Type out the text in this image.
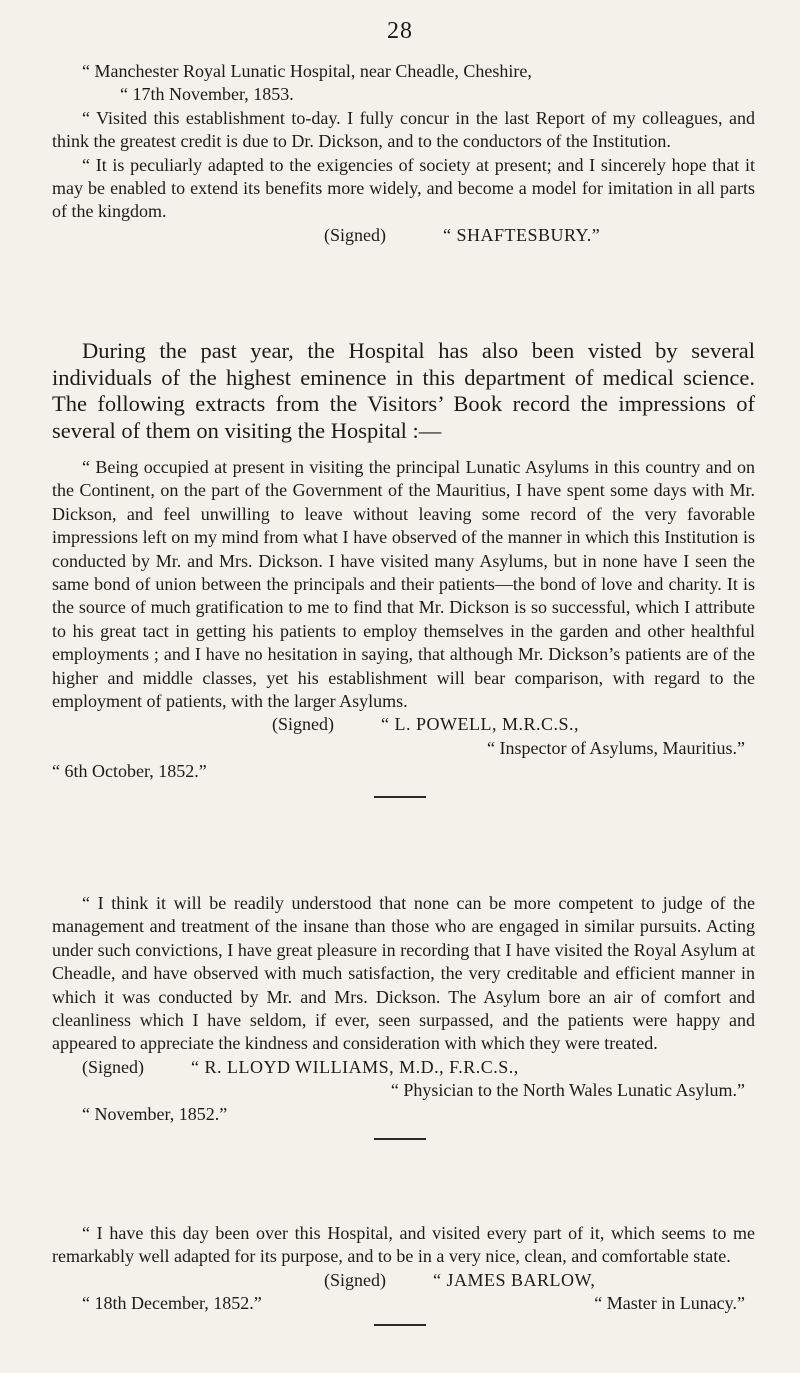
28

“ Manchester Royal Lunatic Hospital, near Cheadle, Cheshire,

“ 17th November, 1853.

“ Visited this establishment to-day. I fully concur in the last Report of my colleagues, and think the greatest credit is due to Dr. Dickson, and to the conductors of the Institution.

“ It is peculiarly adapted to the exigencies of society at present; and I sincerely hope that it may be enabled to extend its benefits more widely, and become a model for imitation in all parts of the kingdom.

(Signed)	“ SHAFTESBURY.”

During the past year, the Hospital has also been visted by several individuals of the highest eminence in this department of medical science. The following extracts from the Visitors’ Book record the impressions of several of them on visiting the Hospital :—

“ Being occupied at present in visiting the principal Lunatic Asylums in this country and on the Continent, on the part of the Government of the Mauritius, I have spent some days with Mr. Dickson, and feel unwilling to leave without leaving some record of the very favorable impressions left on my mind from what I have observed of the manner in which this Institution is conducted by Mr. and Mrs. Dickson. I have visited many Asylums, but in none have I seen the same bond of union between the principals and their patients—the bond of love and charity. It is the source of much gratification to me to find that Mr. Dickson is so successful, which I attribute to his great tact in getting his patients to employ themselves in the garden and other healthful employments ; and I have no hesitation in saying, that although Mr. Dickson’s patients are of the higher and middle classes, yet his establishment will bear comparison, with regard to the employment of patients, with the larger Asylums.

(Signed)	“ L. POWELL, M.R.C.S.,

“ Inspector of Asylums, Mauritius.”

“ 6th October, 1852.”

“ I think it will be readily understood that none can be more competent to judge of the management and treatment of the insane than those who are engaged in similar pursuits. Acting under such convictions, I have great pleasure in recording that I have visited the Royal Asylum at Cheadle, and have observed with much satisfaction, the very creditable and efficient manner in which it was conducted by Mr. and Mrs. Dickson. The Asylum bore an air of comfort and cleanliness which I have seldom, if ever, seen surpassed, and the patients were happy and appeared to appreciate the kindness and consideration with which they were treated.

(Signed)	“ R. LLOYD WILLIAMS, M.D., F.R.C.S.,

“ Physician to the North Wales Lunatic Asylum.”

“ November, 1852.”

“ I have this day been over this Hospital, and visited every part of it, which seems to me remarkably well adapted for its purpose, and to be in a very nice, clean, and comfortable state.

(Signed)	“ JAMES BARLOW,

“ 18th December, 1852.”	“ Master in Lunacy.”
